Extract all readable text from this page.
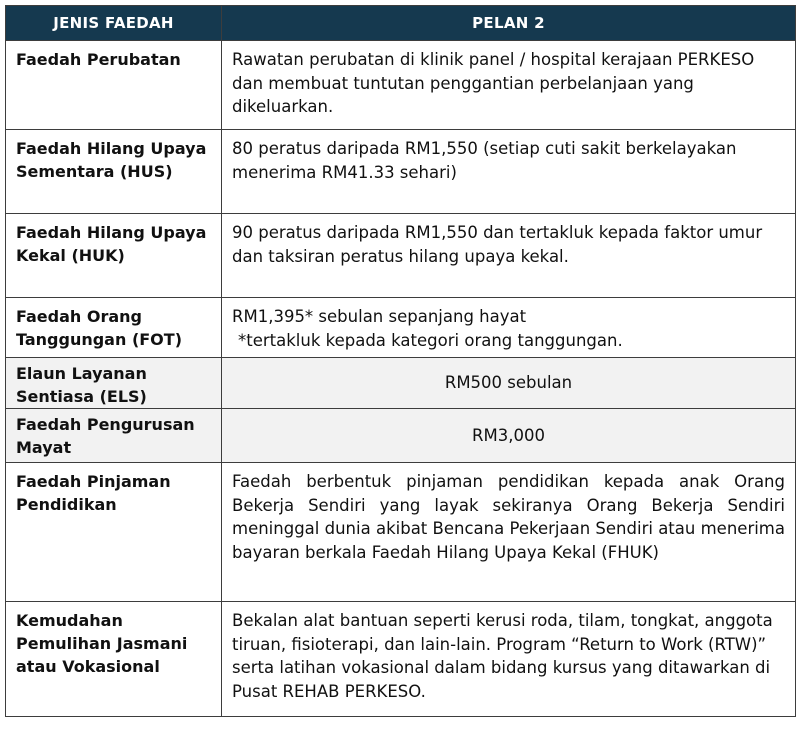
JENIS FAEDAH	PELAN 2
Faedah Perubatan	Rawatan perubatan di klinik panel / hospital kerajaan PERKESO dan membuat tuntutan penggantian perbelanjaan yang dikeluarkan.
Faedah Hilang Upaya Sementara (HUS)	80 peratus daripada RM1,550 (setiap cuti sakit berkelayakan menerima RM41.33 sehari)
Faedah Hilang Upaya Kekal (HUK)	90 peratus daripada RM1,550 dan tertakluk kepada faktor umur dan taksiran peratus hilang upaya kekal.
Faedah Orang Tanggungan (FOT)	RM1,395* sebulan sepanjang hayat
*tertakluk kepada kategori orang tanggungan.

Elaun Layanan Sentiasa (ELS)	RM500 sebulan
Faedah Pengurusan Mayat	RM3,000
Faedah Pinjaman Pendidikan	Faedah berbentuk pinjaman pendidikan kepada anak Orang Bekerja Sendiri yang layak sekiranya Orang Bekerja Sendiri meninggal dunia akibat Bencana Pekerjaan Sendiri atau menerima bayaran berkala Faedah Hilang Upaya Kekal (FHUK)
Kemudahan Pemulihan Jasmani atau Vokasional	Bekalan alat bantuan seperti kerusi roda, tilam, tongkat, anggota tiruan, fisioterapi, dan lain-lain. Program “Return to Work (RTW)” serta latihan vokasional dalam bidang kursus yang ditawarkan di Pusat REHAB PERKESO.
